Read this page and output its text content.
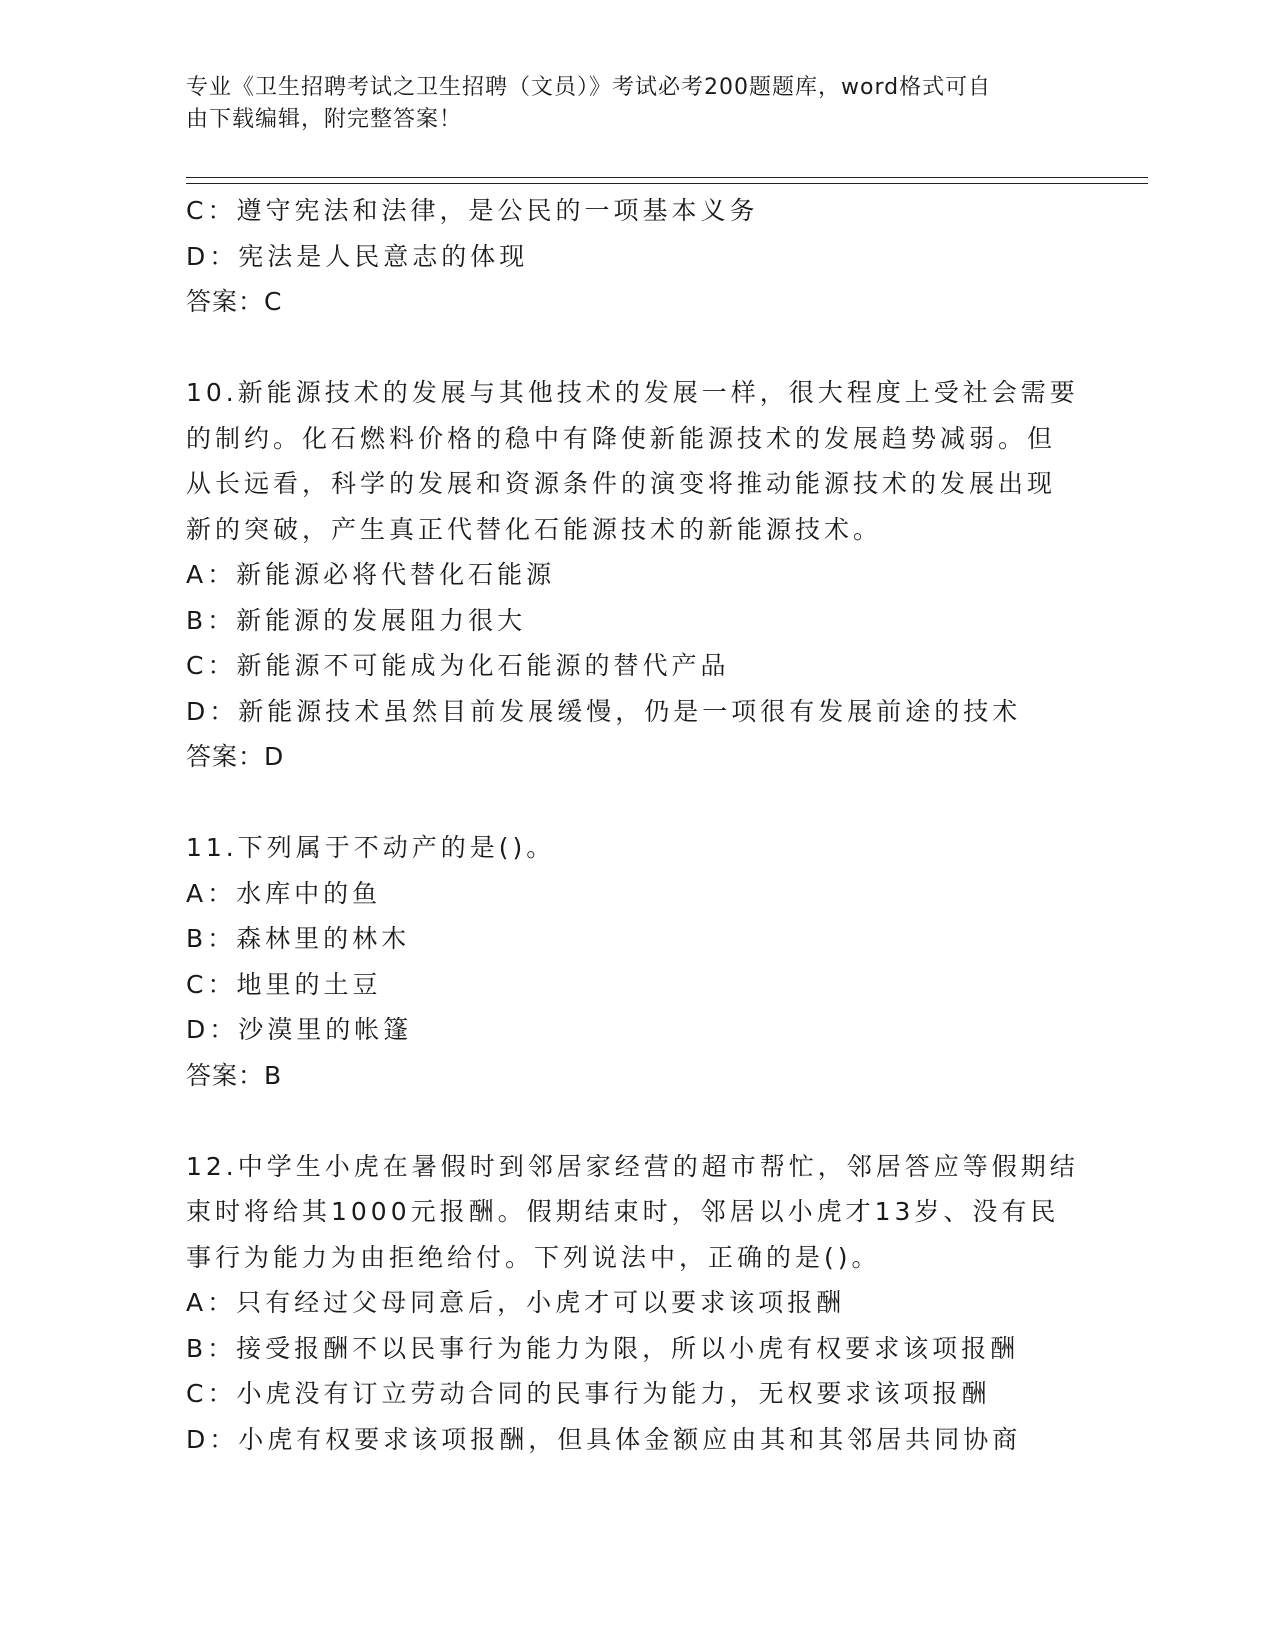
专业《卫生招聘考试之卫生招聘（文员）》考试必考200题题库，word格式可自
由下载编辑，附完整答案！
C：遵守宪法和法律，是公民的一项基本义务
D：宪法是人民意志的体现
答案：C
10.新能源技术的发展与其他技术的发展一样，很大程度上受社会需要
的制约。化石燃料价格的稳中有降使新能源技术的发展趋势减弱。但
从长远看，科学的发展和资源条件的演变将推动能源技术的发展出现
新的突破，产生真正代替化石能源技术的新能源技术。
A：新能源必将代替化石能源
B：新能源的发展阻力很大
C：新能源不可能成为化石能源的替代产品
D：新能源技术虽然目前发展缓慢，仍是一项很有发展前途的技术
答案：D
11.下列属于不动产的是()。
A：水库中的鱼
B：森林里的林木
C：地里的土豆
D：沙漠里的帐篷
答案：B
12.中学生小虎在暑假时到邻居家经营的超市帮忙，邻居答应等假期结
束时将给其1000元报酬。假期结束时，邻居以小虎才13岁、没有民
事行为能力为由拒绝给付。下列说法中，正确的是()。
A：只有经过父母同意后，小虎才可以要求该项报酬
B：接受报酬不以民事行为能力为限，所以小虎有权要求该项报酬
C：小虎没有订立劳动合同的民事行为能力，无权要求该项报酬
D：小虎有权要求该项报酬，但具体金额应由其和其邻居共同协商
